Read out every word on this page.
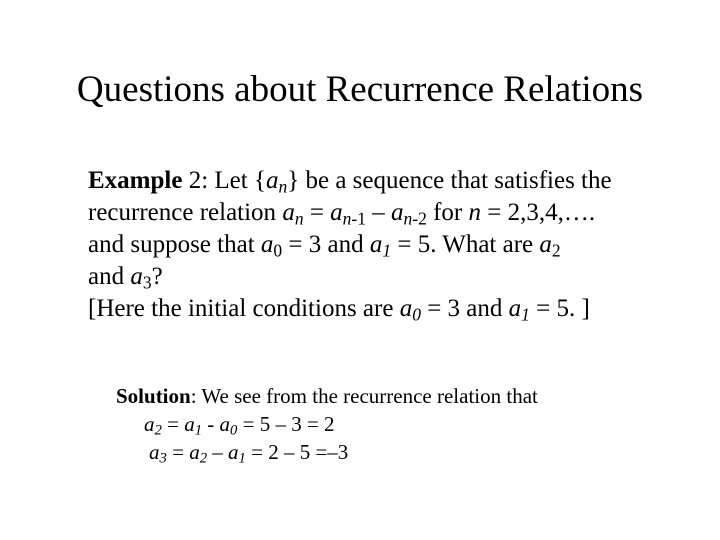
Questions about Recurrence Relations
Example 2: Let $\{a_n\}$ be a sequence that satisfies the
recurrence relation $a_n = a_{n-1} - a_{n-2}$ for n = 2,3,4,….
and suppose that $a_0 = 3$ and $a_1 = 5$. What are $a_2$
and $a_3$?
[Here the initial conditions are $a_0 = 3$ and $a_1 = 5$. ]
Solution: We see from the recurrence relation that
$a_2 = a_1 - a_0 = 5 - 3 = 2$
$a_3 = a_2 - a_1 = 2 - 5 =-3$
